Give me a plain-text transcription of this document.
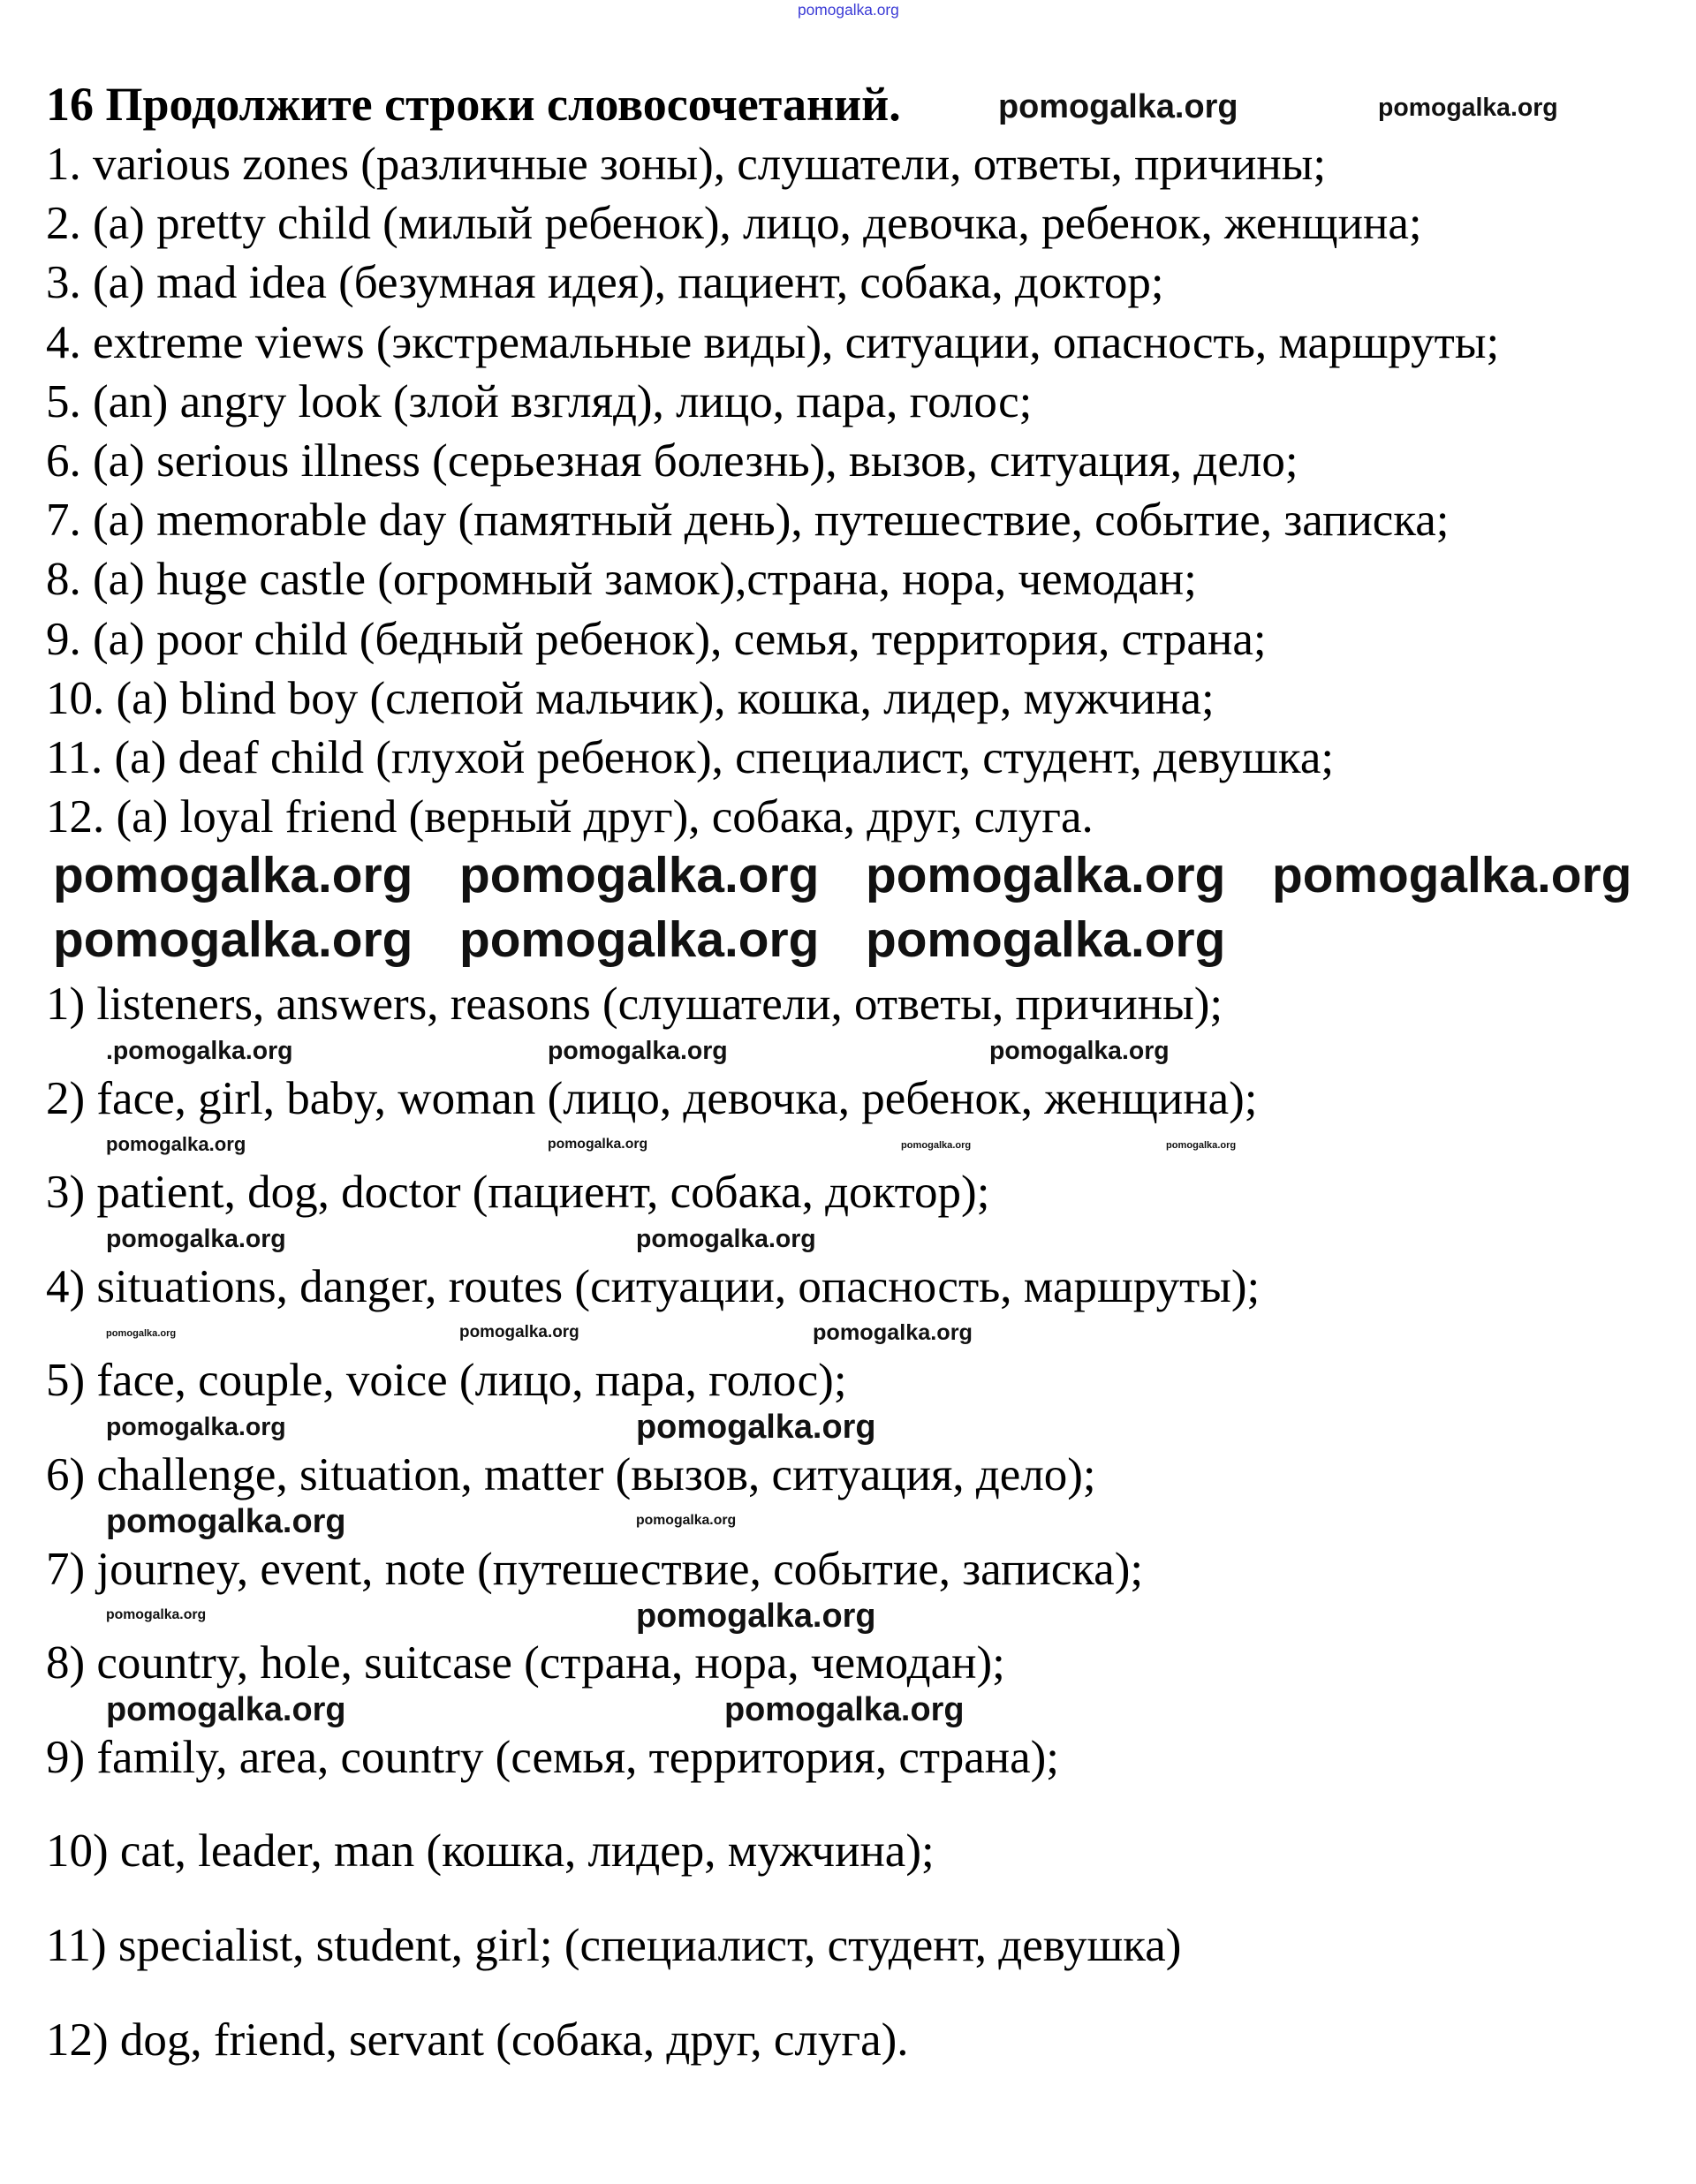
16 Продолжите строки словосочетаний.
1. various zones (различные зоны), слушатели, ответы, причины;
2. (a) pretty child (милый ребенок), лицо, девочка, ребенок, женщина;
3. (a) mad idea (безумная идея), пациент, собака, доктор;
4. extreme views (экстремальные виды), ситуации, опасность, маршруты;
5. (an) angry look (злой взгляд), лицо, пара, голос;
6. (a) serious illness (серьезная болезнь), вызов, ситуация, дело;
7. (a) memorable day (памятный день), путешествие, событие, записка;
8. (a) huge castle (огромный замок),страна, нора, чемодан;
9. (a) poor child (бедный ребенок), семья, территория, страна;
10. (a) blind boy (слепой мальчик), кошка, лидер, мужчина;
11. (a) deaf child (глухой ребенок), специалист, студент, девушка;
12. (a) loyal friend (верный друг), собака, друг, слуга.
1) listeners, answers, reasons (слушатели, ответы, причины);
2) face, girl, baby, woman (лицо, девочка, ребенок, женщина);
3) patient, dog, doctor (пациент, собака, доктор);
4) situations, danger, routes (ситуации, опасность, маршруты);
5) face, couple, voice (лицо, пара, голос);
6) challenge, situation, matter (вызов, ситуация, дело);
7) journey, event, note (путешествие, событие, записка);
8) country, hole, suitcase (страна, нора, чемодан);
9) family, area, country (семья, территория, страна);
10) cat, leader, man (кошка, лидер, мужчина);
11) specialist, student, girl; (специалист, студент, девушка)
12) dog, friend, servant (собака, друг, слуга).
pomogalka.org
pomogalka.org	pomogalka.org
.pomogalka.org	pomogalka.org	pomogalka.org
pomogalka.org	pomogalka.org	pomogalka.org	pomogalka.org
pomogalka.org	pomogalka.org
pomogalka.org	pomogalka.org	pomogalka.org
pomogalka.org	pomogalka.org
pomogalka.org	pomogalka.org
pomogalka.org	pomogalka.org
pomogalka.org	pomogalka.org
pomogalka.org pomogalka.org pomogalka.org pomogalka.org
pomogalka.org pomogalka.org pomogalka.org
